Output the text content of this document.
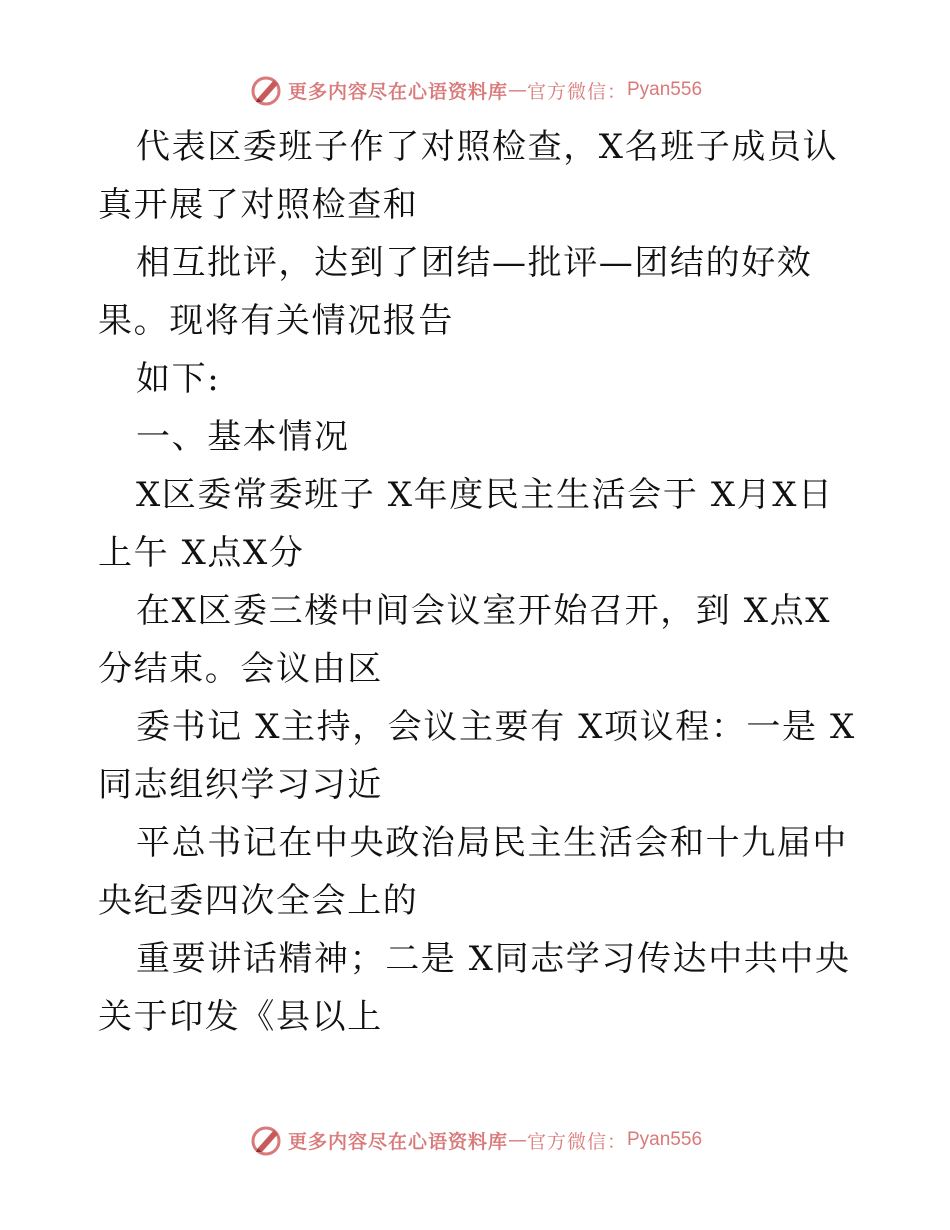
更多内容尽在心语资料库 — 官方微信： Pyan556

代表区委班子作了对照检查，X名班子成员认真开展了对照检查和

相互批评，达到了团结—批评—团结的好效果。现将有关情况报告

如下:

一、基本情况

X区委常委班子 X年度民主生活会于 X月X日上午 X点X分

在X区委三楼中间会议室开始召开，到 X点X分结束。会议由区

委书记 X主持，会议主要有 X项议程：一是 X同志组织学习习近

平总书记在中央政治局民主生活会和十九届中央纪委四次全会上的

重要讲话精神；二是 X同志学习传达中共中央关于印发《县以上

更多内容尽在心语资料库 — 官方微信： Pyan556
